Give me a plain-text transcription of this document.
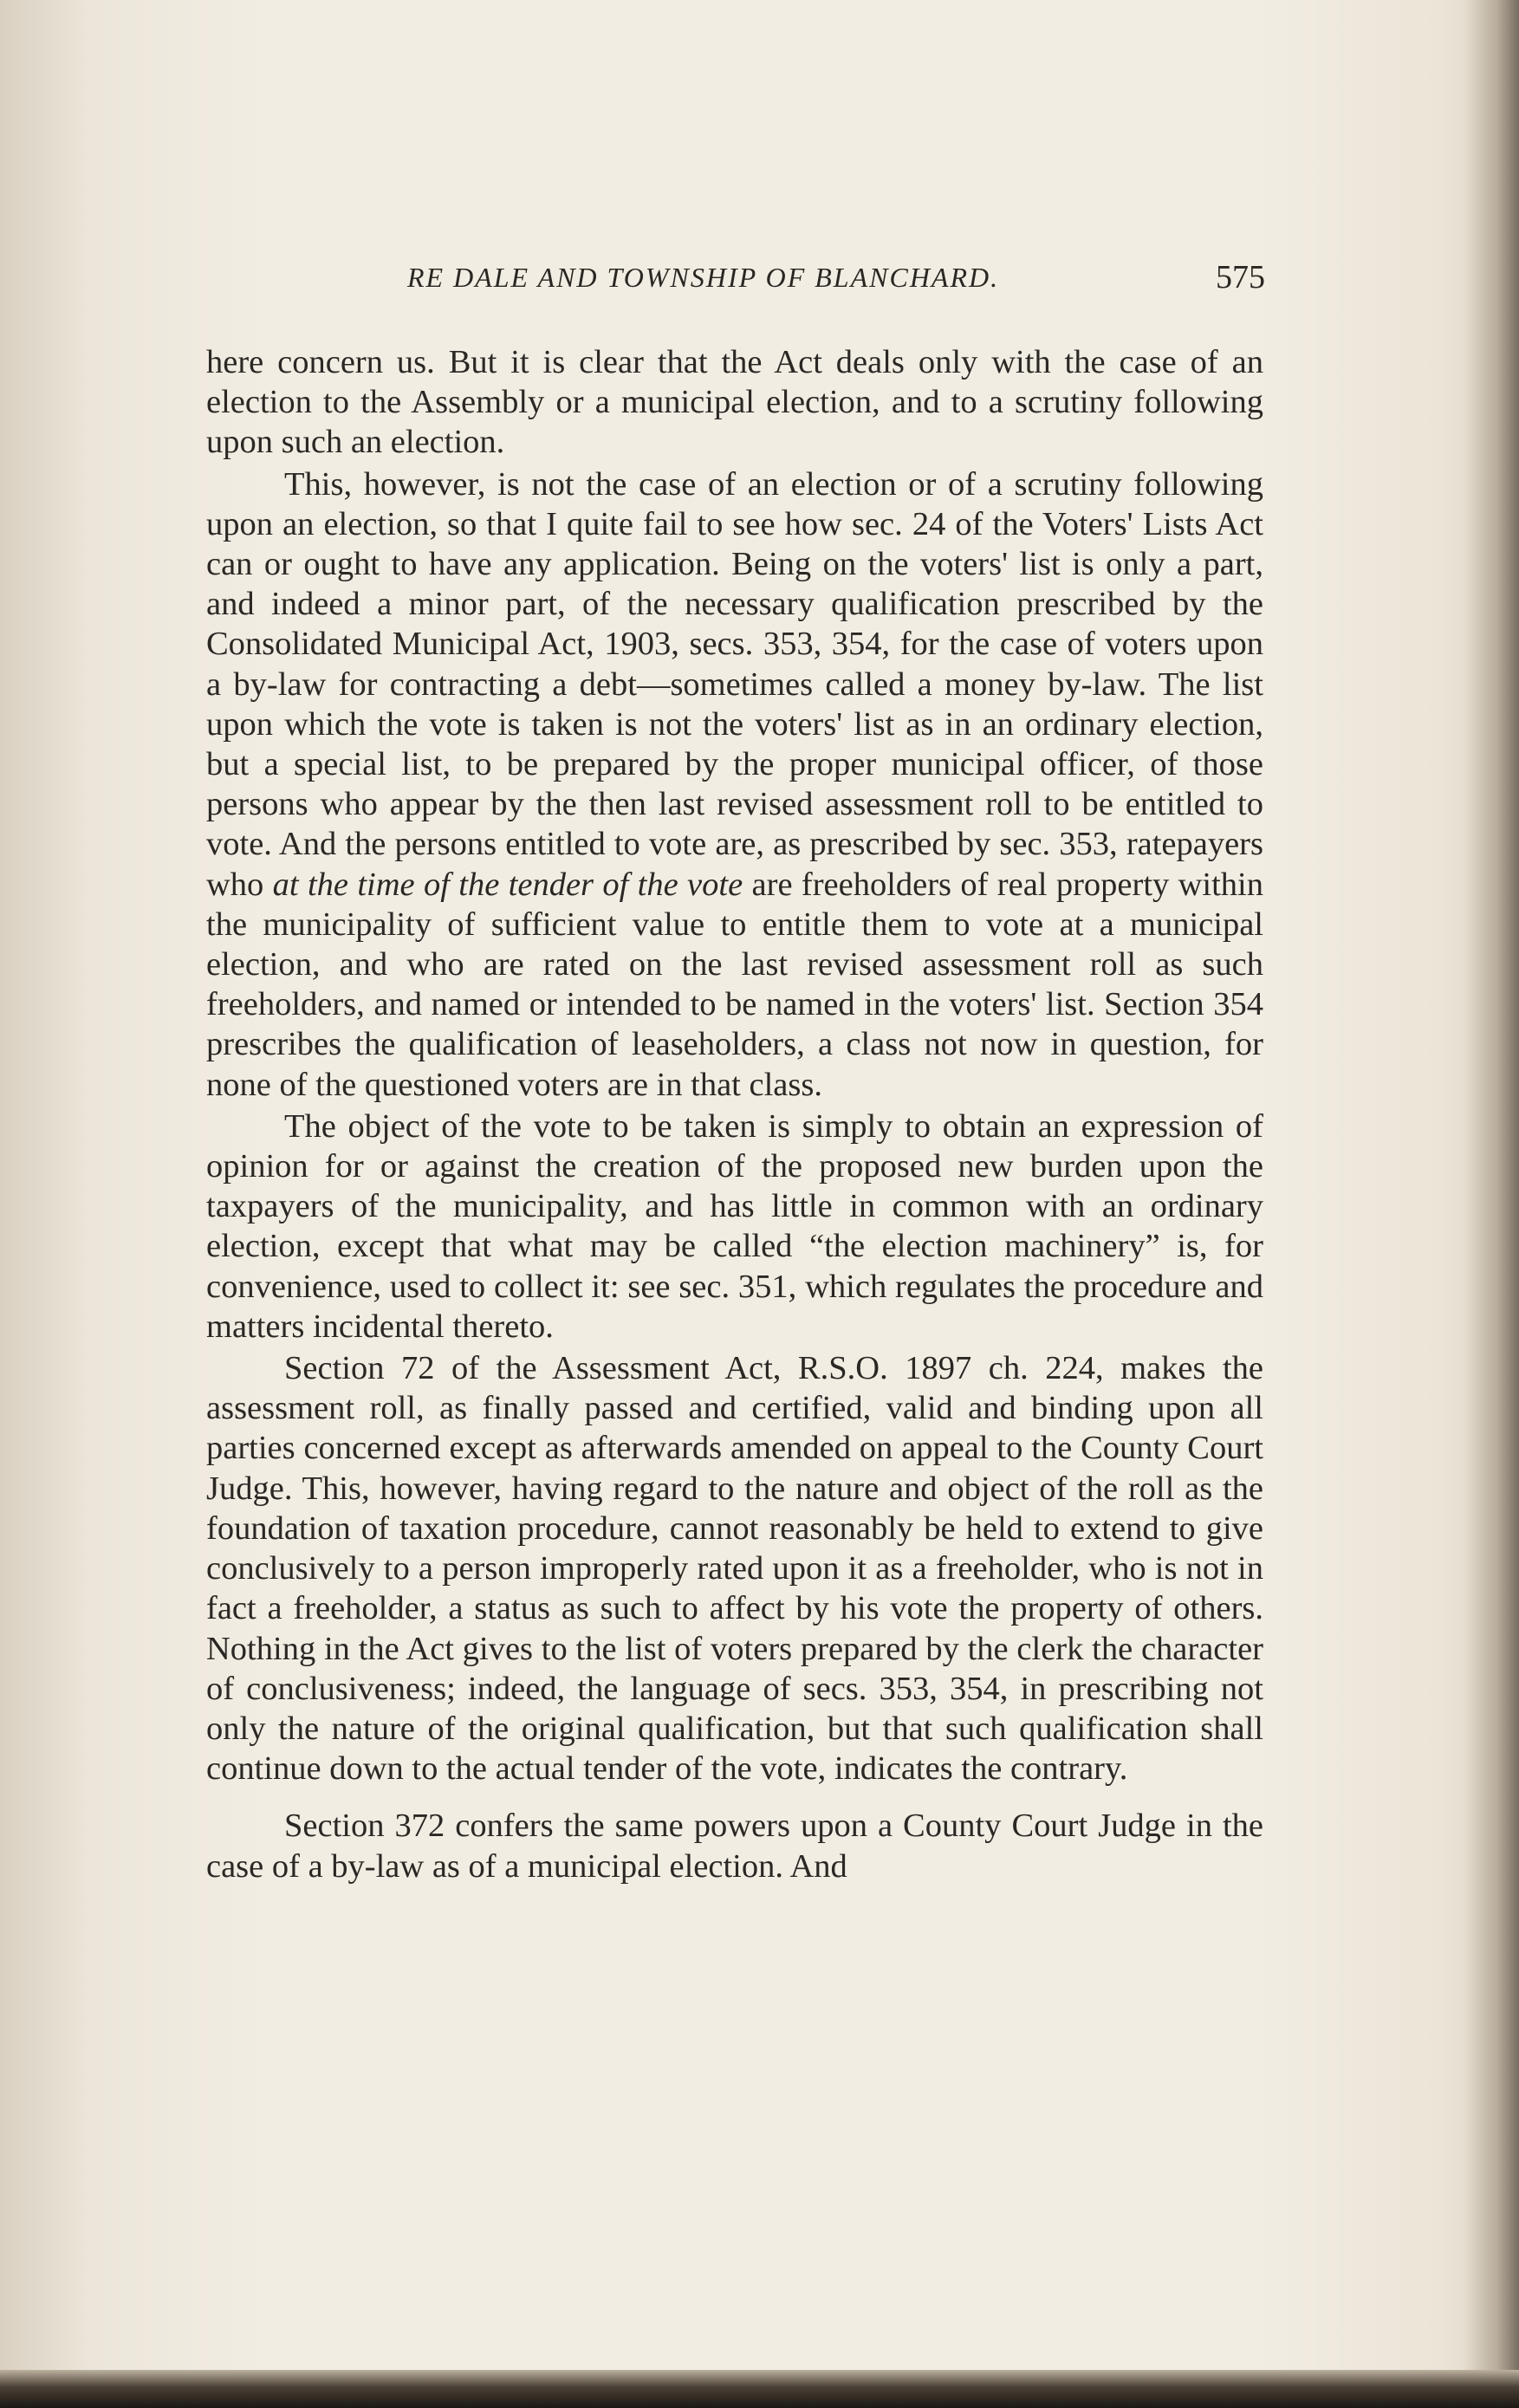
RE DALE AND TOWNSHIP OF BLANCHARD.	575

here concern us. But it is clear that the Act deals only with the case of an election to the Assembly or a municipal election, and to a scrutiny following upon such an election.

This, however, is not the case of an election or of a scrutiny following upon an election, so that I quite fail to see how sec. 24 of the Voters' Lists Act can or ought to have any application. Being on the voters' list is only a part, and indeed a minor part, of the necessary qualification prescribed by the Consolidated Municipal Act, 1903, secs. 353, 354, for the case of voters upon a by-law for contracting a debt—sometimes called a money by-law. The list upon which the vote is taken is not the voters' list as in an ordinary election, but a special list, to be prepared by the proper municipal officer, of those persons who appear by the then last revised assessment roll to be entitled to vote. And the persons entitled to vote are, as prescribed by sec. 353, ratepayers who at the time of the tender of the vote are freeholders of real property within the municipality of sufficient value to entitle them to vote at a municipal election, and who are rated on the last revised assessment roll as such freeholders, and named or intended to be named in the voters' list. Section 354 prescribes the qualification of leaseholders, a class not now in question, for none of the questioned voters are in that class.

The object of the vote to be taken is simply to obtain an expression of opinion for or against the creation of the proposed new burden upon the taxpayers of the municipality, and has little in common with an ordinary election, except that what may be called “the election machinery” is, for convenience, used to collect it: see sec. 351, which regulates the procedure and matters incidental thereto.

Section 72 of the Assessment Act, R.S.O. 1897 ch. 224, makes the assessment roll, as finally passed and certified, valid and binding upon all parties concerned except as afterwards amended on appeal to the County Court Judge. This, however, having regard to the nature and object of the roll as the foundation of taxation procedure, cannot reasonably be held to extend to give conclusively to a person improperly rated upon it as a freeholder, who is not in fact a freeholder, a status as such to affect by his vote the property of others. Nothing in the Act gives to the list of voters prepared by the clerk the character of conclusiveness; indeed, the language of secs. 353, 354, in prescribing not only the nature of the original qualification, but that such qualification shall continue down to the actual tender of the vote, indicates the contrary.

Section 372 confers the same powers upon a County Court Judge in the case of a by-law as of a municipal election. And
